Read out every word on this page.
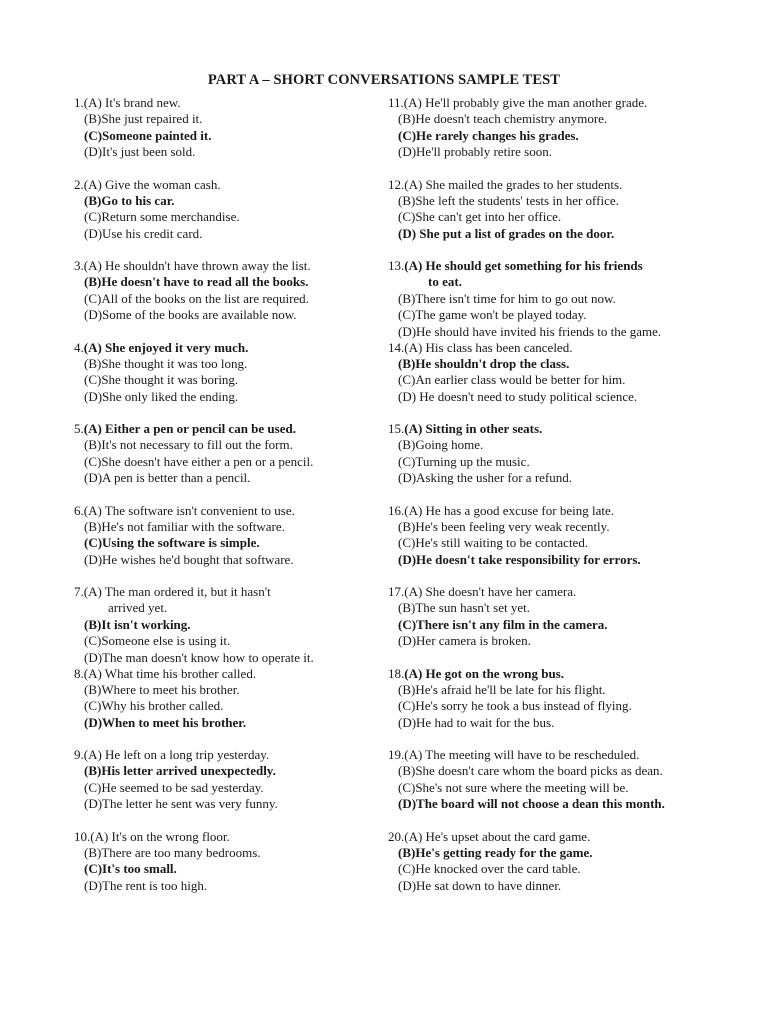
PART A – SHORT CONVERSATIONS SAMPLE TEST
1.(A) It's brand new.
(B)She just repaired it.
(C)Someone painted it.
(D)It's just been sold.
2.(A) Give the woman cash.
(B)Go to his car.
(C)Return some merchandise.
(D)Use his credit card.
3.(A) He shouldn't have thrown away the list.
(B)He doesn't have to read all the books.
(C)All of the books on the list are required.
(D)Some of the books are available now.
4.(A) She enjoyed it very much.
(B)She thought it was too long.
(C)She thought it was boring.
(D)She only liked the ending.
5.(A) Either a pen or pencil can be used.
(B)It's not necessary to fill out the form.
(C)She doesn't have either a pen or a pencil.
(D)A pen is better than a pencil.
6.(A) The software isn't convenient to use.
(B)He's not familiar with the software.
(C)Using the software is simple.
(D)He wishes he'd bought that software.
7.(A) The man ordered it, but it hasn't
arrived yet.
(B)It isn't working.
(C)Someone else is using it.
(D)The man doesn't know how to operate it.
8.(A) What time his brother called.
(B)Where to meet his brother.
(C)Why his brother called.
(D)When to meet his brother.
9.(A) He left on a long trip yesterday.
(B)His letter arrived unexpectedly.
(C)He seemed to be sad yesterday.
(D)The letter he sent was very funny.
10.(A) It's on the wrong floor.
(B)There are too many bedrooms.
(C)It's too small.
(D)The rent is too high.
11.(A) He'll probably give the man another grade.
(B)He doesn't teach chemistry anymore.
(C)He rarely changes his grades.
(D)He'll probably retire soon.
12.(A) She mailed the grades to her students.
(B)She left the students' tests in her office.
(C)She can't get into her office.
(D) She put a list of grades on the door.
13.(A) He should get something for his friends
to eat.
(B)There isn't time for him to go out now.
(C)The game won't be played today.
(D)He should have invited his friends to the game.
14.(A) His class has been canceled.
(B)He shouldn't drop the class.
(C)An earlier class would be better for him.
(D) He doesn't need to study political science.
15.(A) Sitting in other seats.
(B)Going home.
(C)Turning up the music.
(D)Asking the usher for a refund.
16.(A) He has a good excuse for being late.
(B)He's been feeling very weak recently.
(C)He's still waiting to be contacted.
(D)He doesn't take responsibility for errors.
17.(A) She doesn't have her camera.
(B)The sun hasn't set yet.
(C)There isn't any film in the camera.
(D)Her camera is broken.
18.(A) He got on the wrong bus.
(B)He's afraid he'll be late for his flight.
(C)He's sorry he took a bus instead of flying.
(D)He had to wait for the bus.
19.(A) The meeting will have to be rescheduled.
(B)She doesn't care whom the board picks as dean.
(C)She's not sure where the meeting will be.
(D)The board will not choose a dean this month.
20.(A) He's upset about the card game.
(B)He's getting ready for the game.
(C)He knocked over the card table.
(D)He sat down to have dinner.
